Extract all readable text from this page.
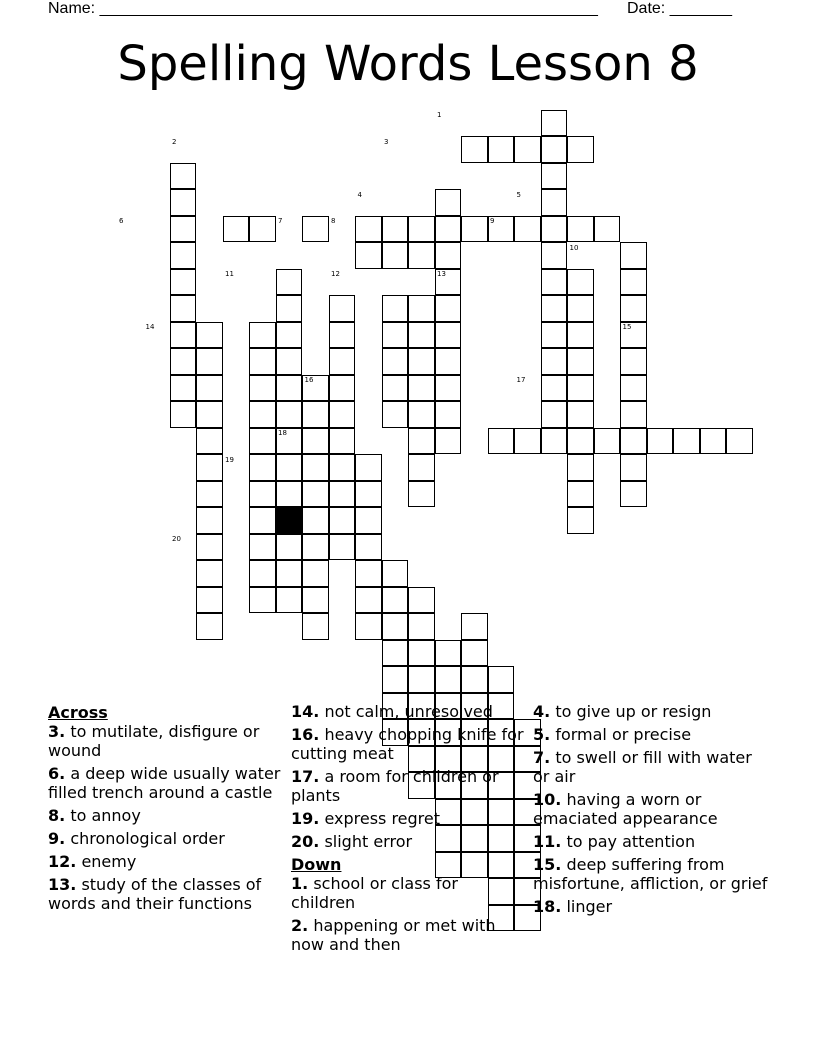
Name: ________________________________________________________ Date: _______
Spelling Words Lesson 8
1
2	3
4	5
6	7	8	9
10
11	12	13
14	15
16	17
18
19
20
Across
3. to mutilate, disfigure or wound
6. a deep wide usually water filled trench around a castle
8. to annoy
9. chronological order
12. enemy
13. study of the classes of words and their functions
14. not calm, unresolved
16. heavy chopping knife for cutting meat
17. a room for children or plants
19. express regret
20. slight error
Down
1. school or class for children
2. happening or met with now and then
4. to give up or resign
5. formal or precise
7. to swell or fill with water or air
10. having a worn or emaciated appearance
11. to pay attention
15. deep suffering from misfortune, affliction, or grief
18. linger
